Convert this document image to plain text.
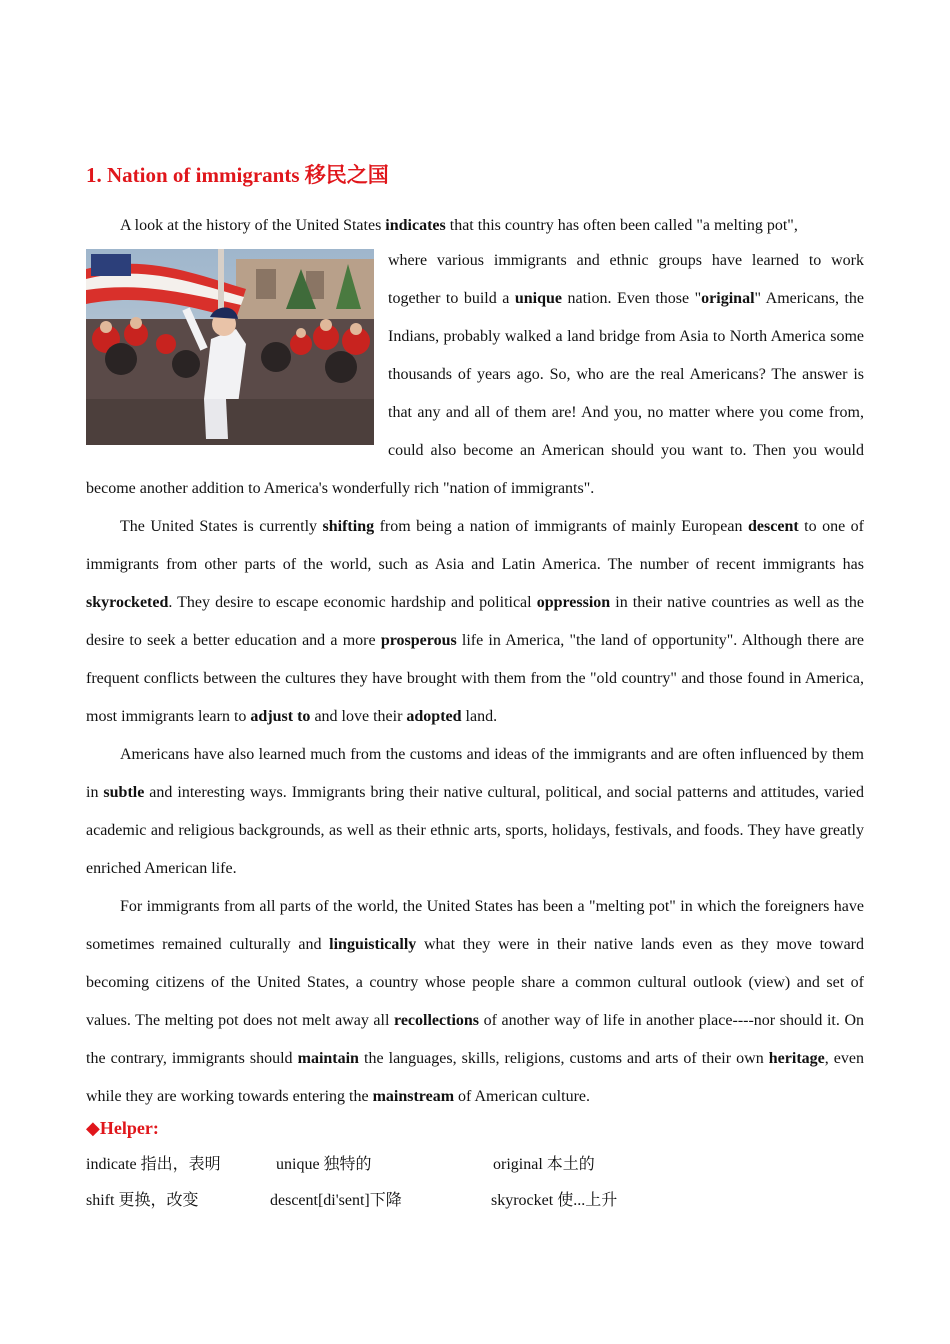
1. Nation of immigrants 移民之国

A look at the history of the United States indicates that this country has often been called "a melting pot",

where various immigrants and ethnic groups have learned to work together to build a unique nation. Even those "original" Americans, the Indians, probably walked a land bridge from Asia to North America some thousands of years ago. So, who are the real Americans? The answer is that any and all of them are! And you, no matter where you come from, could also become an American should you want to. Then you would become another addition to America's wonderfully rich "nation of immigrants".

The United States is currently shifting from being a nation of immigrants of mainly European descent to one of immigrants from other parts of the world, such as Asia and Latin America. The number of recent immigrants has skyrocketed. They desire to escape economic hardship and political oppression in their native countries as well as the desire to seek a better education and a more prosperous life in America, "the land of opportunity". Although there are frequent conflicts between the cultures they have brought with them from the "old country" and those found in America, most immigrants learn to adjust to and love their adopted land.

Americans have also learned much from the customs and ideas of the immigrants and are often influenced by them in subtle and interesting ways. Immigrants bring their native cultural, political, and social patterns and attitudes, varied academic and religious backgrounds, as well as their ethnic arts, sports, holidays, festivals, and foods. They have greatly enriched American life.

For immigrants from all parts of the world, the United States has been a "melting pot" in which the foreigners have sometimes remained culturally and linguistically what they were in their native lands even as they move toward becoming citizens of the United States, a country whose people share a common cultural outlook (view) and set of values. The melting pot does not melt away all recollections of another way of life in another place----nor should it. On the contrary, immigrants should maintain the languages, skills, religions, customs and arts of their own heritage, even while they are working towards entering the mainstream of American culture.

◆Helper:
indicate 指出，表明	unique 独特的	original 本土的
shift 更换，改变	descent[di'sent]下降	skyrocket 使...上升
